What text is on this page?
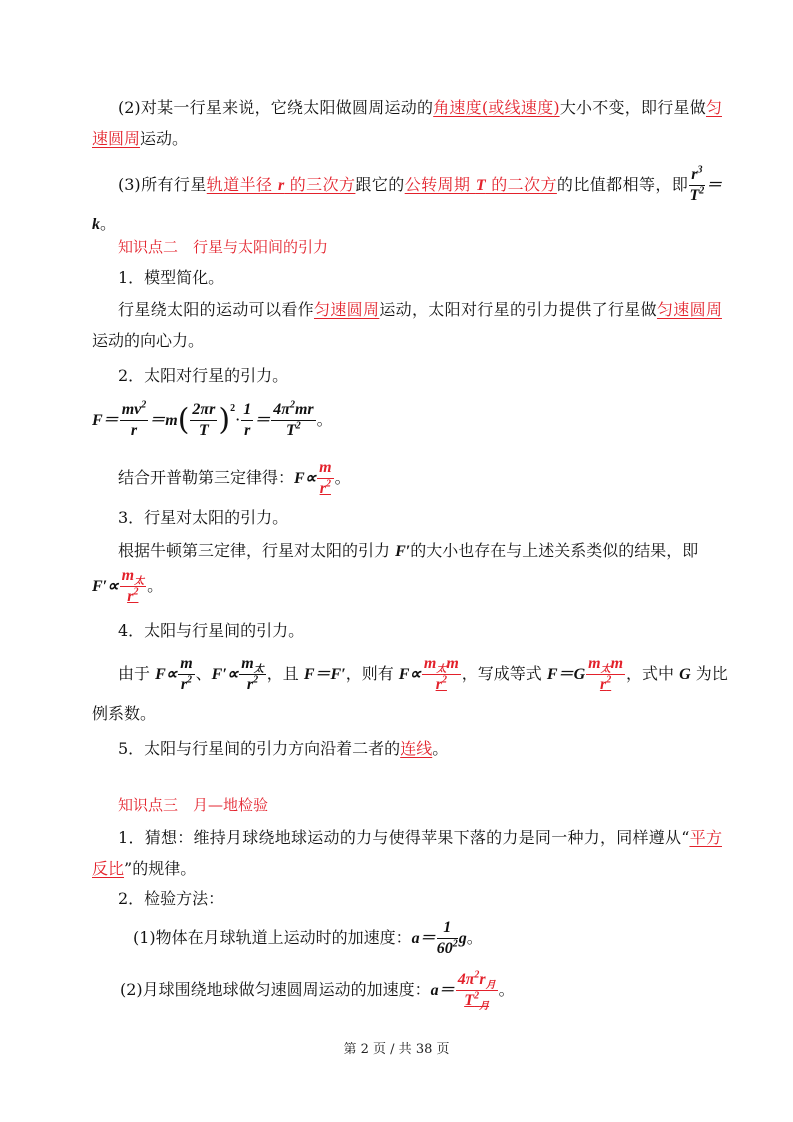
(2)对某一行星来说，它绕太阳做圆周运动的角速度(或线速度)大小不变，即行星做匀速圆周运动。
(3)所有行星轨道半径 r 的三次方跟它的公转周期 T 的二次方的比值都相等，即 $\frac{r^3}{T^2} =k$。
知识点二　行星与太阳间的引力
1．模型简化。
行星绕太阳的运动可以看作匀速圆周运动，太阳对行星的引力提供了行星做匀速圆周运动的向心力。
2．太阳对行星的引力。
$F= \frac{mv^2}{r} =m( \frac{2\pi r}{T} )^2\cdot \frac{1}{r} = \frac{4\pi^2mr}{T^2}$ 。
结合开普勒第三定律得：$F\propto \frac{m}{r^2}$ 。
3．行星对太阳的引力。
根据牛顿第三定律，行星对太阳的引力 F′的大小也存在与上述关系类似的结果，即
$F'\propto \frac{m_太}{r^2}$ 。
4．太阳与行星间的引力。
由于 $F\propto \frac{m}{r^2}$ 、$F'\propto \frac{m_太}{r^2}$ ，且 F＝F′，则有 $F\propto \frac{m_太m}{r^2}$ ，写成等式 $F=G \frac{m_太m}{r^2}$ ，式中 G 为比
例系数。
5．太阳与行星间的引力方向沿着二者的连线。
知识点三　月—地检验
1．猜想：维持月球绕地球运动的力与使得苹果下落的力是同一种力，同样遵从“平方反比”的规律。
2．检验方法：
(1)物体在月球轨道上运动时的加速度：$a= \frac{1}{60^2}$ g。
(2)月球围绕地球做匀速圆周运动的加速度：$a= \frac{4\pi^2r_月}{T^2_月}$ 。
第 2 页 / 共 38 页
